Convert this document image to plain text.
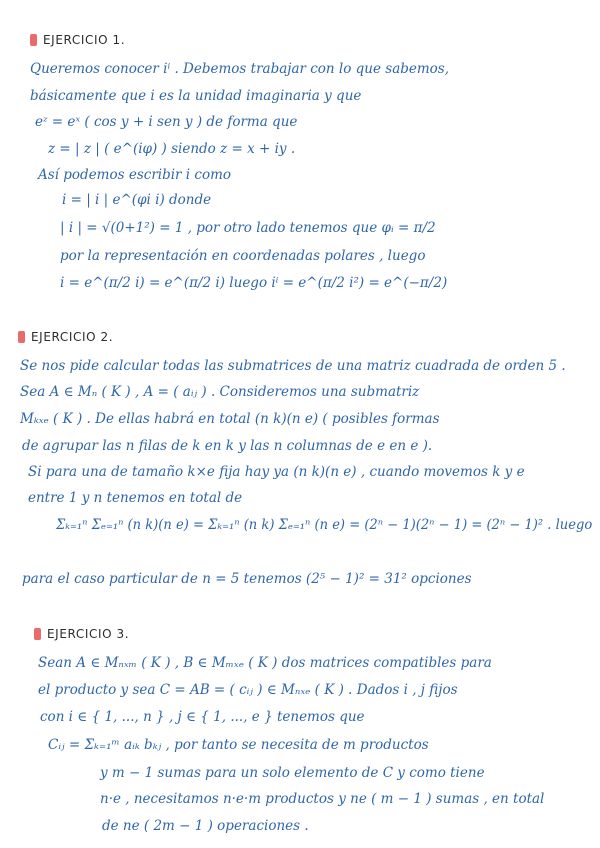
EJERCICIO 1.
Queremos conocer iⁱ . Debemos trabajar con lo que sabemos,
básicamente que i es la unidad imaginaria y que
eᶻ = eˣ ( cos y + i sen y ) de forma que
z = | z | ( e^(iφ) ) siendo z = x + iy .
Así podemos escribir i como
i = | i | e^(φi i) donde
| i | = √(0+1²) = 1 , por otro lado tenemos que φᵢ = π/2
por la representación en coordenadas polares , luego
i = e^(π/2 i) = e^(π/2 i) luego iⁱ = e^(π/2 i²) = e^(−π/2)
EJERCICIO 2.
Se nos pide calcular todas las submatrices de una matriz cuadrada de orden 5 .
Sea A ∈ Mₙ ( K ) , A = ( aᵢⱼ ) . Consideremos una submatriz
Mₖₓₑ ( K ) . De ellas habrá en total (n k)(n e) ( posibles formas
de agrupar las n filas de k en k y las n columnas de e en e ).
Si para una de tamaño k×e fija hay ya (n k)(n e) , cuando movemos k y e
entre 1 y n tenemos en total de
Σₖ₌₁ⁿ Σₑ₌₁ⁿ (n k)(n e) = Σₖ₌₁ⁿ (n k) Σₑ₌₁ⁿ (n e) = (2ⁿ − 1)(2ⁿ − 1) = (2ⁿ − 1)² . luego
para el caso particular de n = 5 tenemos (2⁵ − 1)² = 31² opciones
EJERCICIO 3.
Sean A ∈ Mₙₓₘ ( K ) , B ∈ Mₘₓₑ ( K ) dos matrices compatibles para
el producto y sea C = AB = ( cᵢⱼ ) ∈ Mₙₓₑ ( K ) . Dados i , j fijos
con i ∈ { 1, ..., n } , j ∈ { 1, ..., e } tenemos que
Cᵢⱼ = Σₖ₌₁ᵐ aᵢₖ bₖⱼ , por tanto se necesita de m productos
y m − 1 sumas para un solo elemento de C y como tiene
n·e , necesitamos n·e·m productos y ne ( m − 1 ) sumas , en total
de ne ( 2m − 1 ) operaciones .
